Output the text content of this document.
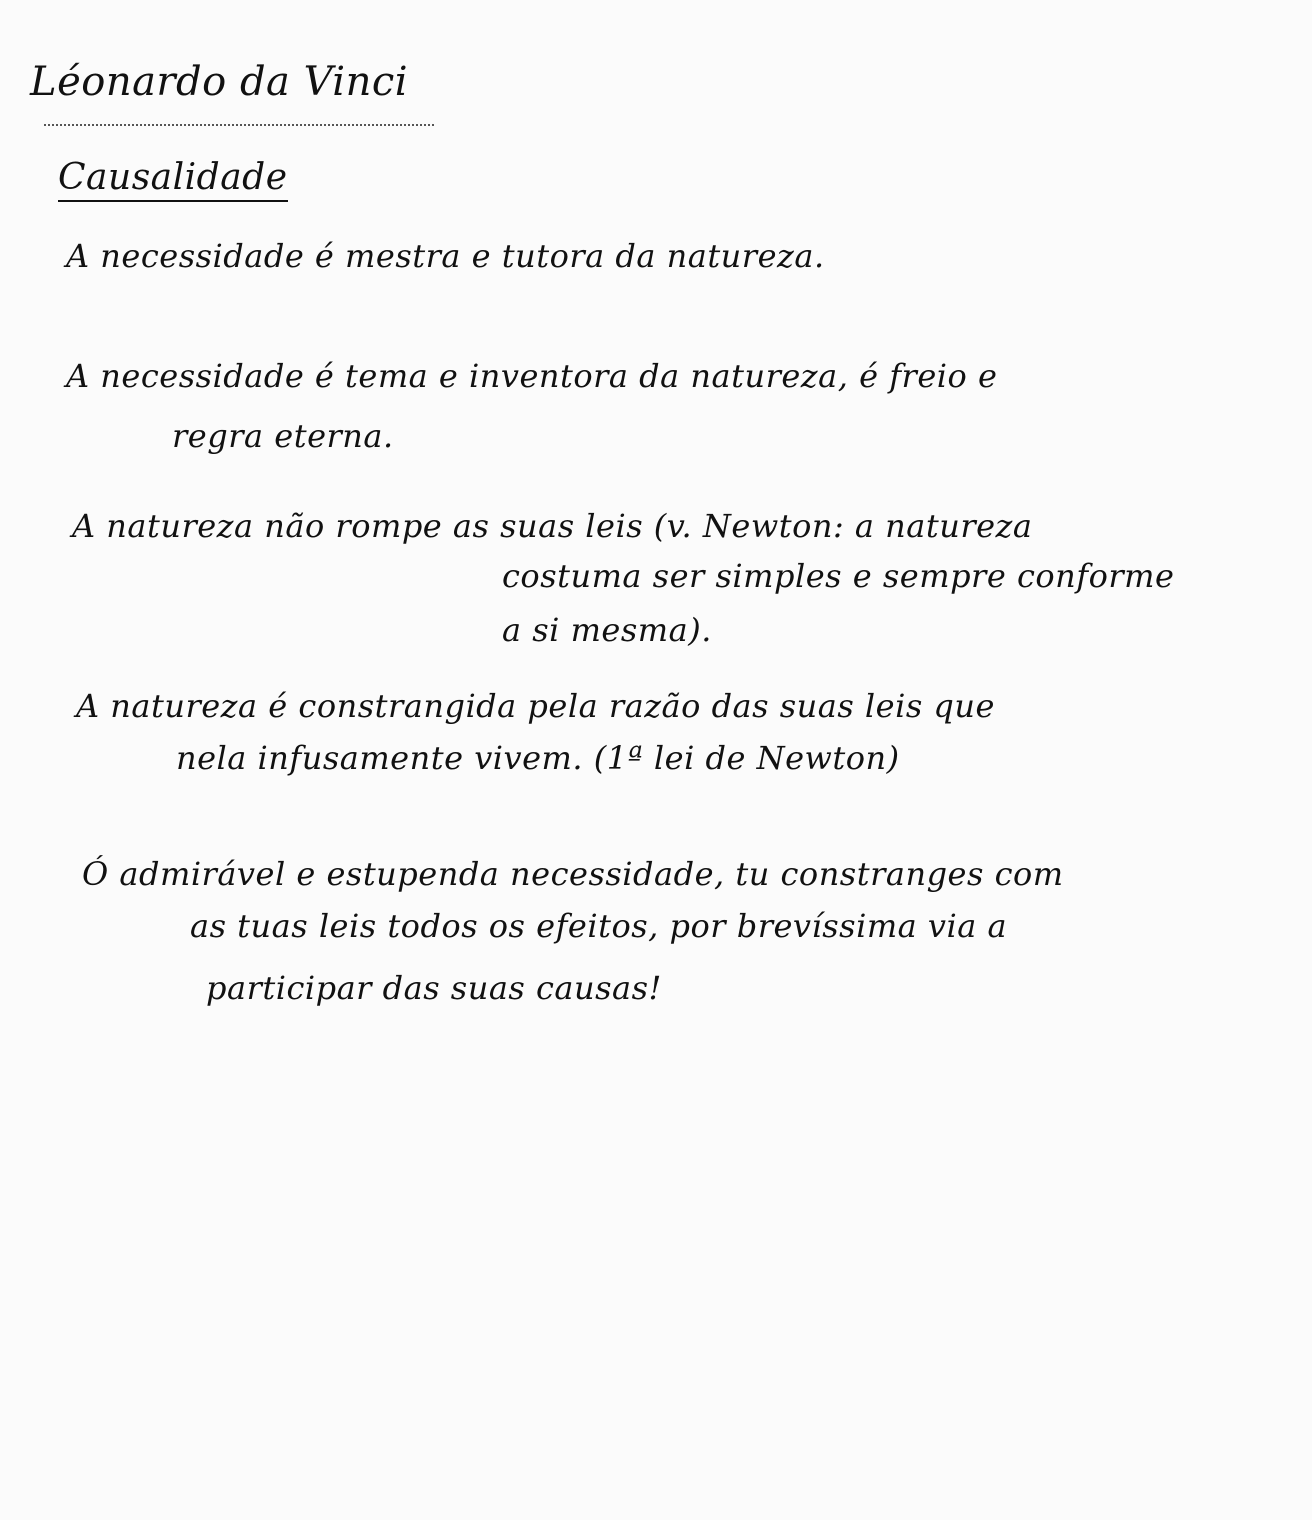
Léonardo da Vinci
Causalidade
A necessidade é mestra e tutora da natureza.
A necessidade é tema e inventora da natureza, é freio e
regra eterna.
A natureza não rompe as suas leis (v. Newton: a natureza
costuma ser simples e sempre conforme
a si mesma).
A natureza é constrangida pela razão das suas leis que
nela infusamente vivem. (1ª lei de Newton)
Ó admirável e estupenda necessidade, tu constranges com
as tuas leis todos os efeitos, por brevíssima via a
participar das suas causas!
